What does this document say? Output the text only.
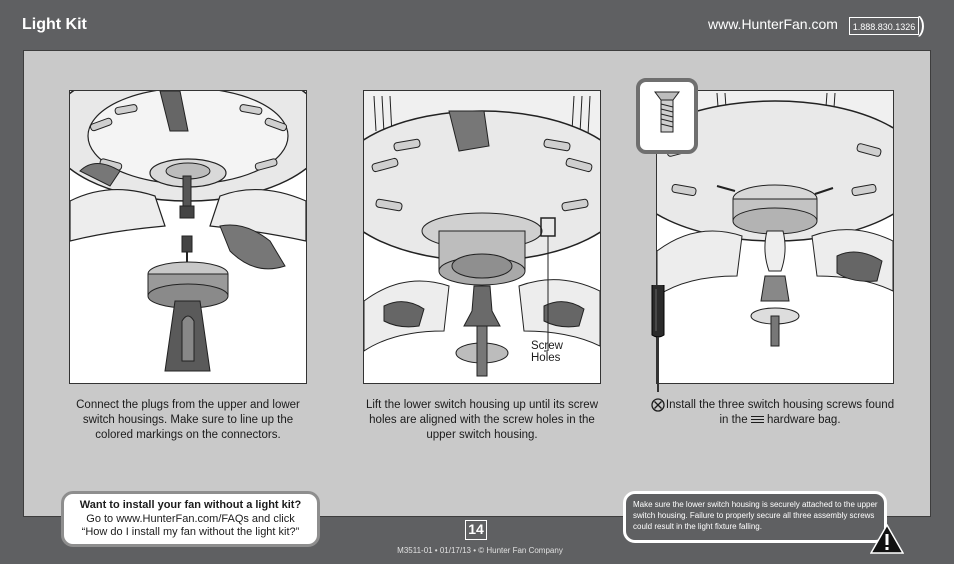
Light Kit	www.HunterFan.com	1.888.830.1326 )
Screw
Holes
Connect the plugs from the upper and lower switch housings. Make sure to line up the colored markings on the connectors.
Lift the lower switch housing up until its screw holes are aligned with the screw holes in the upper switch housing.
Install the three switch housing screws found in the hardware bag.
Want to install your fan without a light kit?
Go to www.HunterFan.com/FAQs and click
“How do I install my fan without the light kit?”
Make sure the lower switch housing is securely attached to the upper switch housing. Failure to properly secure all three assembly screws could result in the light fixture falling.
14
M3511-01 • 01/17/13 • © Hunter Fan Company
